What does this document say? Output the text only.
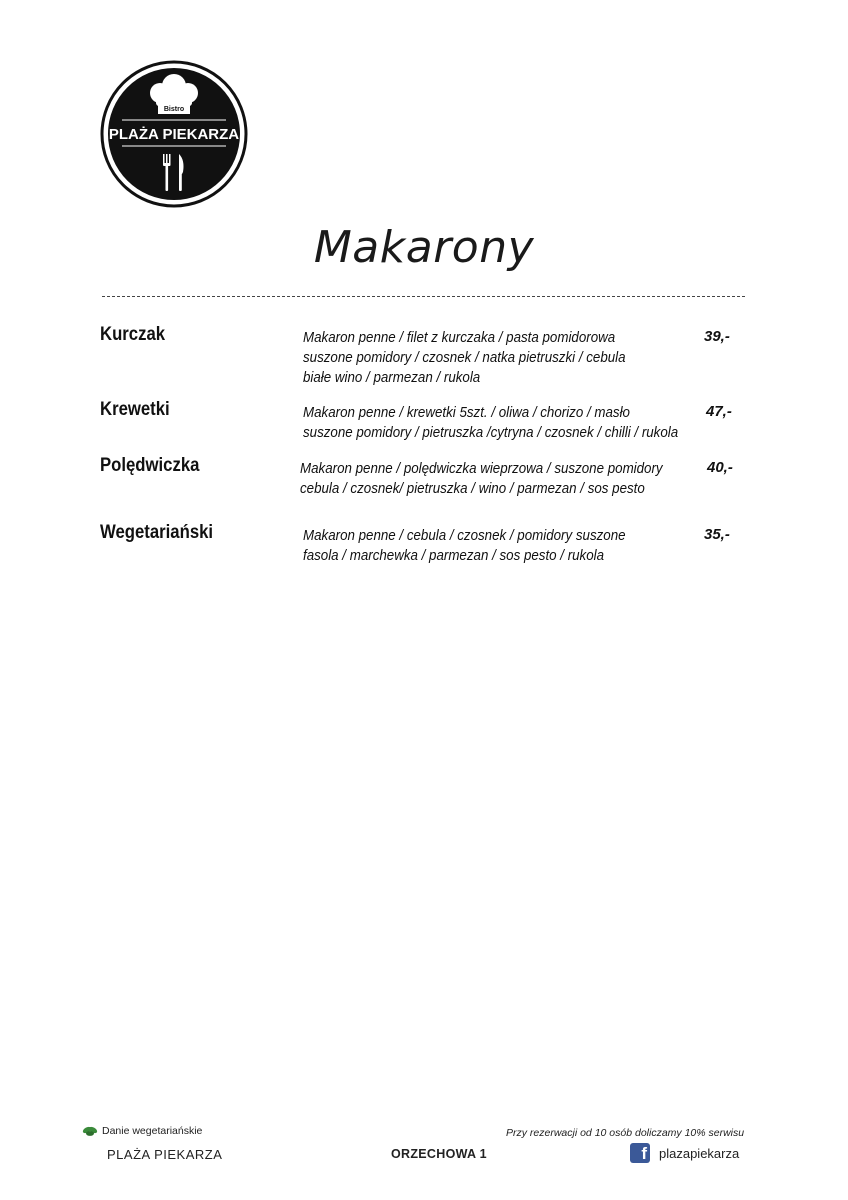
Bistro
PLAŻA PIEKARZA
Makarony
Kurczak	Makaron penne / filet z kurczaka / pasta pomidorowa
suszone pomidory / czosnek / natka pietruszki / cebula
białe wino / parmezan / rukola
39,-
Krewetki	Makaron penne / krewetki 5szt. / oliwa / chorizo / masło
suszone pomidory / pietruszka /cytryna / czosnek / chilli / rukola
47,-
Polędwiczka	Makaron penne / polędwiczka wieprzowa / suszone pomidory
cebula / czosnek/ pietruszka / wino / parmezan / sos pesto
40,-
Wegetariański	Makaron penne / cebula / czosnek / pomidory suszone
fasola / marchewka / parmezan / sos pesto / rukola
35,-
Danie wegetariańskie	Przy rezerwacji od 10 osób doliczamy 10% serwisu
PLAŻA PIEKARZA	ORZECHOWA 1	f plazapiekarza
